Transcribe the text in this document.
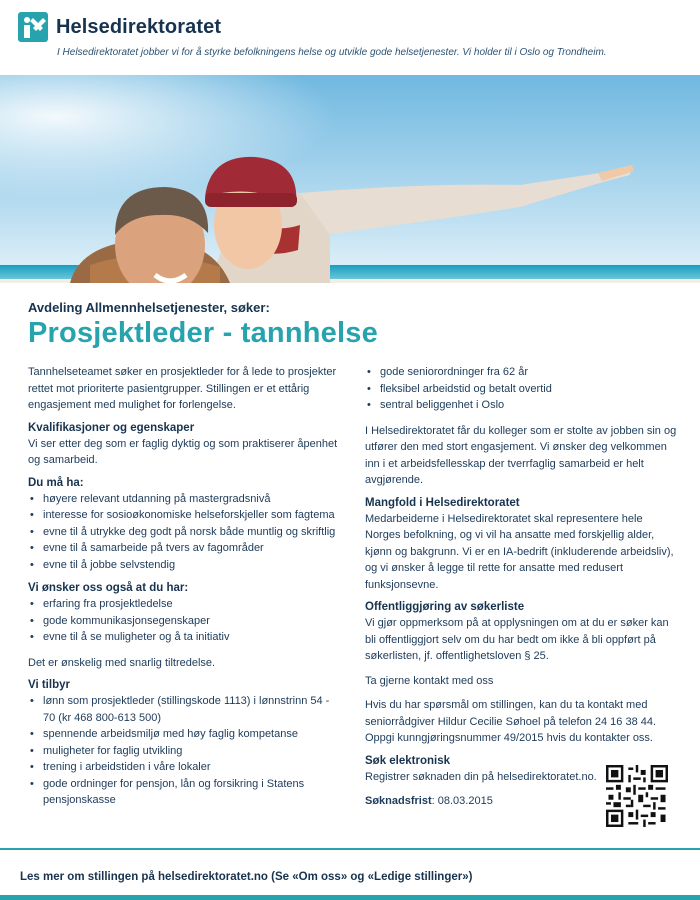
Helsedirektoratet
I Helsedirektoratet jobber vi for å styrke befolkningens helse og utvikle gode helsetjenester. Vi holder til i Oslo og Trondheim.
Avdeling Allmennhelsetjenester, søker:
Prosjektleder - tannhelse

Tannhelseteamet søker en prosjektleder for å lede to prosjekter rettet mot prioriterte pasientgrupper. Stillingen er et ettårig engasjement med mulighet for forlengelse.

Kvalifikasjoner og egenskaper

Vi ser etter deg som er faglig dyktig og som praktiserer åpenhet og samarbeid.

Du må ha:
• høyere relevant utdanning på mastergradsnivå
• interesse for sosioøkonomiske helseforskjeller som fagtema
• evne til å utrykke deg godt på norsk både muntlig og skriftlig
• evne til å samarbeide på tvers av fagområder
• evne til å jobbe selvstendig
Vi ønsker oss også at du har:
• erfaring fra prosjektledelse
• gode kommunikasjonsegenskaper
• evne til å se muligheter og å ta initiativ

Det er ønskelig med snarlig tiltredelse.

Vi tilbyr
• lønn som prosjektleder (stillingskode 1113) i lønnstrinn 54 - 70 (kr 468 800-613 500)
• spennende arbeidsmiljø med høy faglig kompetanse
• muligheter for faglig utvikling
• trening i arbeidstiden i våre lokaler
• gode ordninger for pensjon, lån og forsikring i Statens pensjonskasse
• gode seniorordninger fra 62 år
• fleksibel arbeidstid og betalt overtid
• sentral beliggenhet i Oslo

I Helsedirektoratet får du kolleger som er stolte av jobben sin og utfører den med stort engasjement. Vi ønsker deg velkommen inn i et arbeidsfellesskap der tverrfaglig samarbeid er helt avgjørende.

Mangfold i Helsedirektoratet

Medarbeiderne i Helsedirektoratet skal representere hele Norges befolkning, og vi vil ha ansatte med forskjellig alder, kjønn og bakgrunn. Vi er en IA-bedrift (inkluderende arbeidsliv), og vi ønsker å legge til rette for ansatte med redusert funksjonsevne.

Offentliggjøring av søkerliste

Vi gjør oppmerksom på at opplysningen om at du er søker kan bli offentliggjort selv om du har bedt om ikke å bli oppført på søkerlisten, jf. offentlighetsloven § 25.

Ta gjerne kontakt med oss

Hvis du har spørsmål om stillingen, kan du ta kontakt med seniorrådgiver Hildur Cecilie Søhoel på telefon 24 16 38 44. Oppgi kunngjøringsnummer 49/2015 hvis du kontakter oss.

Søk elektronisk

Registrer søknaden din på helsedirektoratet.no.

Søknadsfrist: 08.03.2015

Les mer om stillingen på helsedirektoratet.no (Se «Om oss» og «Ledige stillinger»)
